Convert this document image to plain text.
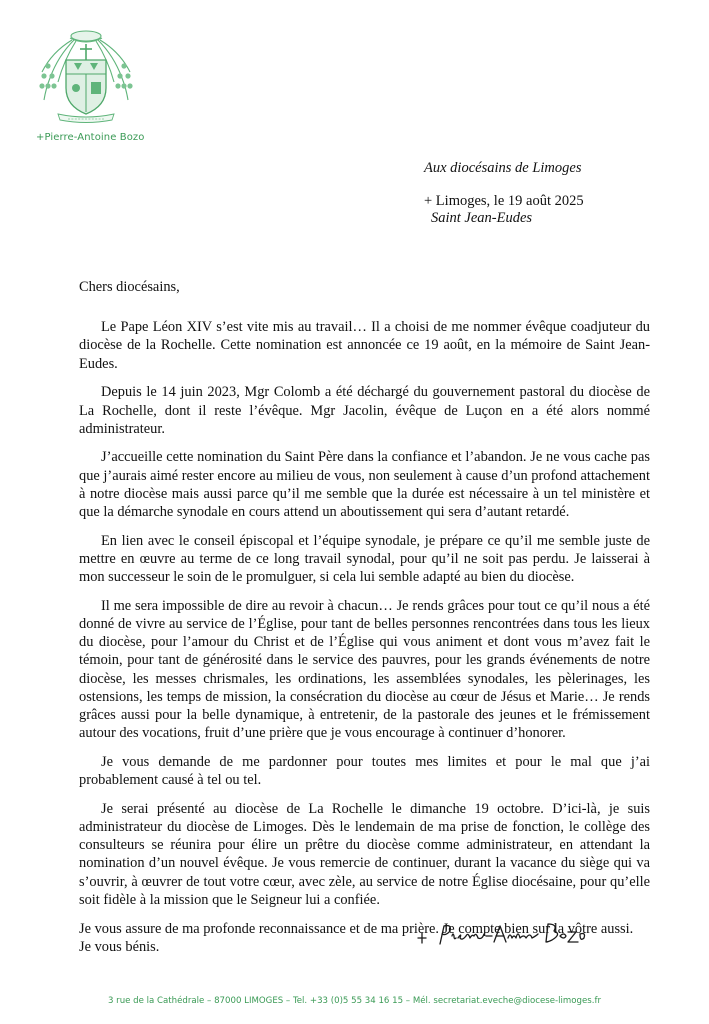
+Pierre-Antoine Bozo
Aux diocésains de Limoges
+ Limoges, le 19 août 2025
Saint Jean-Eudes

Chers diocésains,

Le Pape Léon XIV s’est vite mis au travail… Il a choisi de me nommer évêque coadjuteur du diocèse de la Rochelle. Cette nomination est annoncée ce 19 août, en la mémoire de Saint Jean-Eudes.

Depuis le 14 juin 2023, Mgr Colomb a été déchargé du gouvernement pastoral du diocèse de La Rochelle, dont il reste l’évêque. Mgr Jacolin, évêque de Luçon en a été alors nommé administrateur.

J’accueille cette nomination du Saint Père dans la confiance et l’abandon. Je ne vous cache pas que j’aurais aimé rester encore au milieu de vous, non seulement à cause d’un profond attachement à notre diocèse mais aussi parce qu’il me semble que la durée est nécessaire à un tel ministère et que la démarche synodale en cours attend un aboutissement qui sera d’autant retardé.

En lien avec le conseil épiscopal et l’équipe synodale, je prépare ce qu’il me semble juste de mettre en œuvre au terme de ce long travail synodal, pour qu’il ne soit pas perdu. Je laisserai à mon successeur le soin de le promulguer, si cela lui semble adapté au bien du diocèse.

Il me sera impossible de dire au revoir à chacun… Je rends grâces pour tout ce qu’il nous a été donné de vivre au service de l’Église, pour tant de belles personnes rencontrées dans tous les lieux du diocèse, pour l’amour du Christ et de l’Église qui vous animent et dont vous m’avez fait le témoin, pour tant de générosité dans le service des pauvres, pour les grands événements de notre diocèse, les messes chrismales, les ordinations, les assemblées synodales, les pèlerinages, les ostensions, les temps de mission, la consécration du diocèse au cœur de Jésus et Marie… Je rends grâces aussi pour la belle dynamique, à entretenir, de la pastorale des jeunes et le frémissement autour des vocations, fruit d’une prière que je vous encourage à continuer d’honorer.

Je vous demande de me pardonner pour toutes mes limites et pour le mal que j’ai probablement causé à tel ou tel.

Je serai présenté au diocèse de La Rochelle le dimanche 19 octobre. D’ici-là, je suis administrateur du diocèse de Limoges. Dès le lendemain de ma prise de fonction, le collège des consulteurs se réunira pour élire un prêtre du diocèse comme administrateur, en attendant la nomination d’un nouvel évêque. Je vous remercie de continuer, durant la vacance du siège qui va s’ouvrir, à œuvrer de tout votre cœur, avec zèle, au service de notre Église diocésaine, pour qu’elle soit fidèle à la mission que le Seigneur lui a confiée.

Je vous assure de ma profonde reconnaissance et de ma prière. Je compte bien sur la vôtre aussi.

Je vous bénis.

3 rue de la Cathédrale – 87000 LIMOGES – Tel. +33 (0)5 55 34 16 15 – Mél. secretariat.eveche@diocese-limoges.fr
